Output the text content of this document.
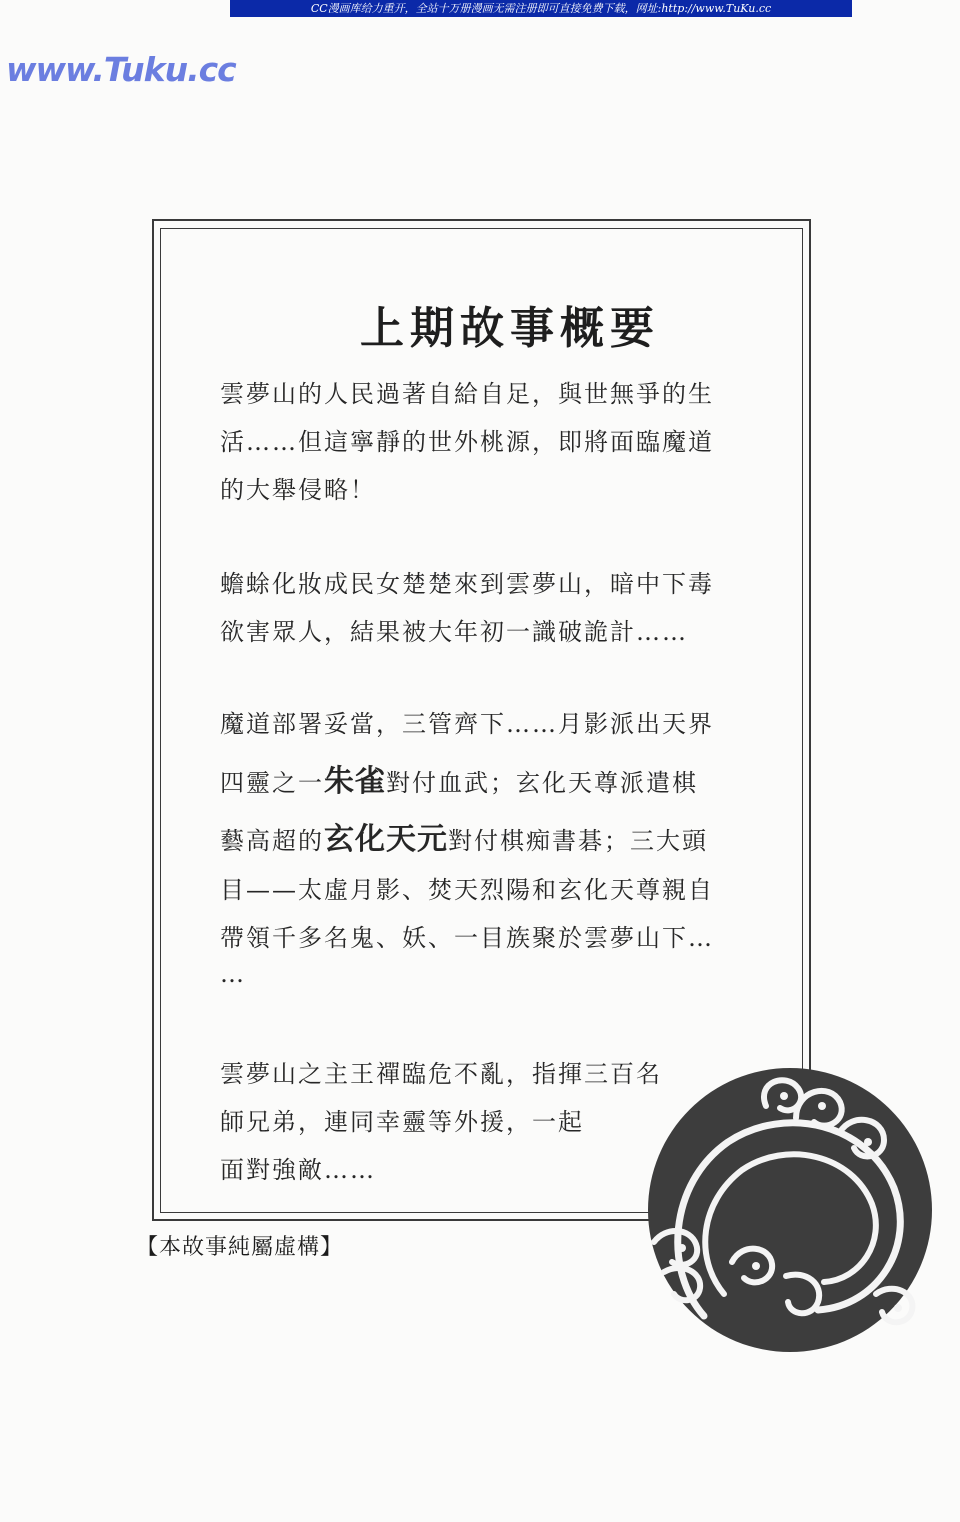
CC漫画库给力重开，全站十万册漫画无需注册即可直接免费下载，网址:http://www.TuKu.cc
www.Tuku.cc
上期故事概要
雲夢山的人民過著自給自足，與世無爭的生
活……但這寧靜的世外桃源，即將面臨魔道
的大舉侵略！
蟾蜍化妝成民女楚楚來到雲夢山，暗中下毒
欲害眾人，結果被大年初一識破詭計……
魔道部署妥當，三管齊下……月影派出天界
四靈之一朱雀對付血武；玄化天尊派遣棋
藝高超的玄化天元對付棋痴書碁；三大頭
目——太虛月影、焚天烈陽和玄化天尊親自
帶領千多名鬼、妖、一目族聚於雲夢山下…
…
雲夢山之主王禪臨危不亂，指揮三百名
師兄弟，連同幸靈等外援，一起
面對強敵……
【本故事純屬虛構】
